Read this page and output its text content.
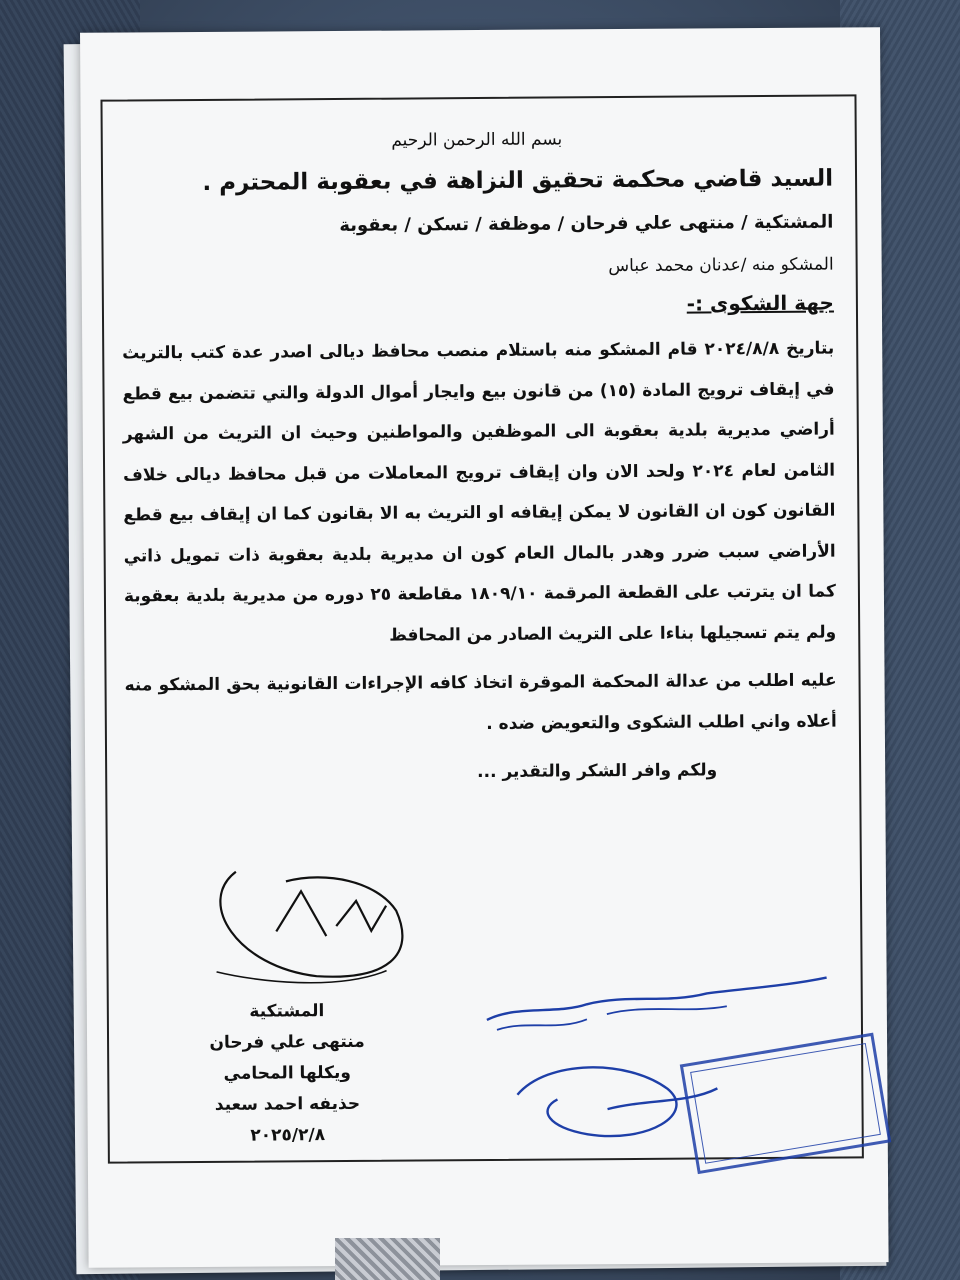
بسم الله الرحمن الرحيم

السيد قاضي محكمة تحقيق النزاهة في بعقوبة المحترم .

المشتكية / منتهى علي فرحان / موظفة / تسكن / بعقوبة

المشكو منه /عدنان محمد عباس

جهة الشكوى :-

بتاريخ ٢٠٢٤/٨/٨ قام المشكو منه باستلام منصب محافظ ديالى اصدر عدة كتب بالتريث في إيقاف ترويج المادة (١٥) من قانون بيع وايجار أموال الدولة والتي تتضمن بيع قطع أراضي مديرية بلدية بعقوبة الى الموظفين والمواطنين وحيث ان التريث من الشهر الثامن لعام ٢٠٢٤ ولحد الان وان إيقاف ترويج المعاملات من قبل محافظ ديالى خلاف القانون كون ان القانون لا يمكن إيقافه او التريث به الا بقانون كما ان إيقاف بيع قطع الأراضي سبب ضرر وهدر بالمال العام كون ان مديرية بلدية بعقوبة ذات تمويل ذاتي كما ان يترتب على القطعة المرقمة ١٨٠٩/١٠ مقاطعة ٢٥ دوره من مديرية بلدية بعقوبة ولم يتم تسجيلها بناءا على التريث الصادر من المحافظ

عليه اطلب من عدالة المحكمة الموقرة اتخاذ كافه الإجراءات القانونية بحق المشكو منه أعلاه واني اطلب الشكوى والتعويض ضده .

ولكم وافر الشكر والتقدير ...

المشتكية
منتهى علي فرحان
ويكلها المحامي
حذيفه احمد سعيد
٢٠٢٥/٢/٨
